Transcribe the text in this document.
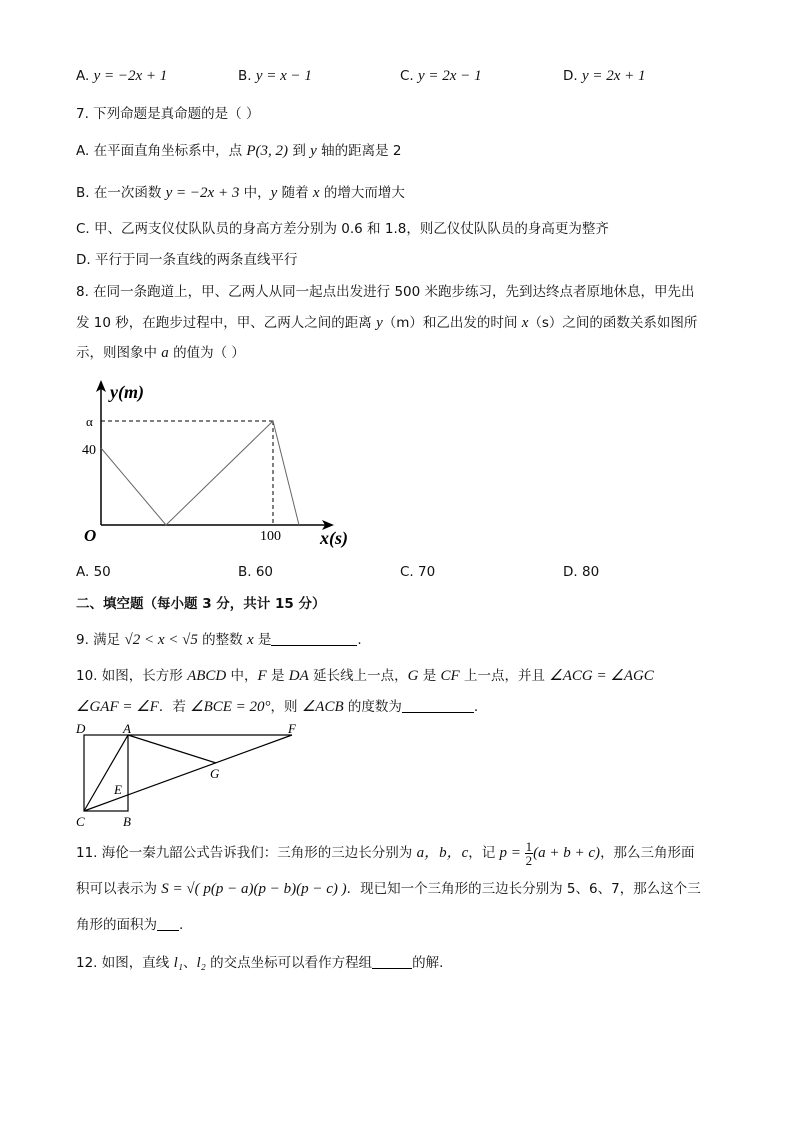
A. y = −2x + 1	B. y = x − 1	C. y = 2x − 1	D. y = 2x + 1
7. 下列命题是真命题的是（ ）
A. 在平面直角坐标系中，点 P(3, 2) 到 y 轴的距离是 2
B. 在一次函数 y = −2x + 3 中，y 随着 x 的增大而增大
C. 甲、乙两支仪仗队队员的身高方差分别为 0.6 和 1.8，则乙仪仗队队员的身高更为整齐
D. 平行于同一条直线的两条直线平行
8. 在同一条跑道上，甲、乙两人从同一起点出发进行 500 米跑步练习，先到达终点者原地休息，甲先出
发 10 秒，在跑步过程中，甲、乙两人之间的距离 y（m）和乙出发的时间 x（s）之间的函数关系如图所
示，则图象中 a 的值为（ ）
y(m)
α
40
O	100 x(s)
A. 50	B. 60	C. 70	D. 80
二、填空题（每小题 3 分，共计 15 分）
9. 满足 √2 < x < √5 的整数 x 是	.
10. 如图，长方形 ABCD 中，F 是 DA 延长线上一点，G 是 CF 上一点，并且 ∠ACG = ∠AGC
∠GAF = ∠F．若 ∠BCE = 20°，则 ∠ACB 的度数为	.
D	A	F
G
E
C	B
11. 海伦一秦九韶公式告诉我们：三角形的三边长分别为 a，b，c，记 $p = \frac{1}{2} (a + b + c)$，那么三角形面
积可以表示为 S = √( p(p − a)(p − b)(p − c) )．现已知一个三角形的三边长分别为 5、6、7，那么这个三
角形的面积为 .
12. 如图，直线 l₁、l₂ 的交点坐标可以看作方程组	的解.
